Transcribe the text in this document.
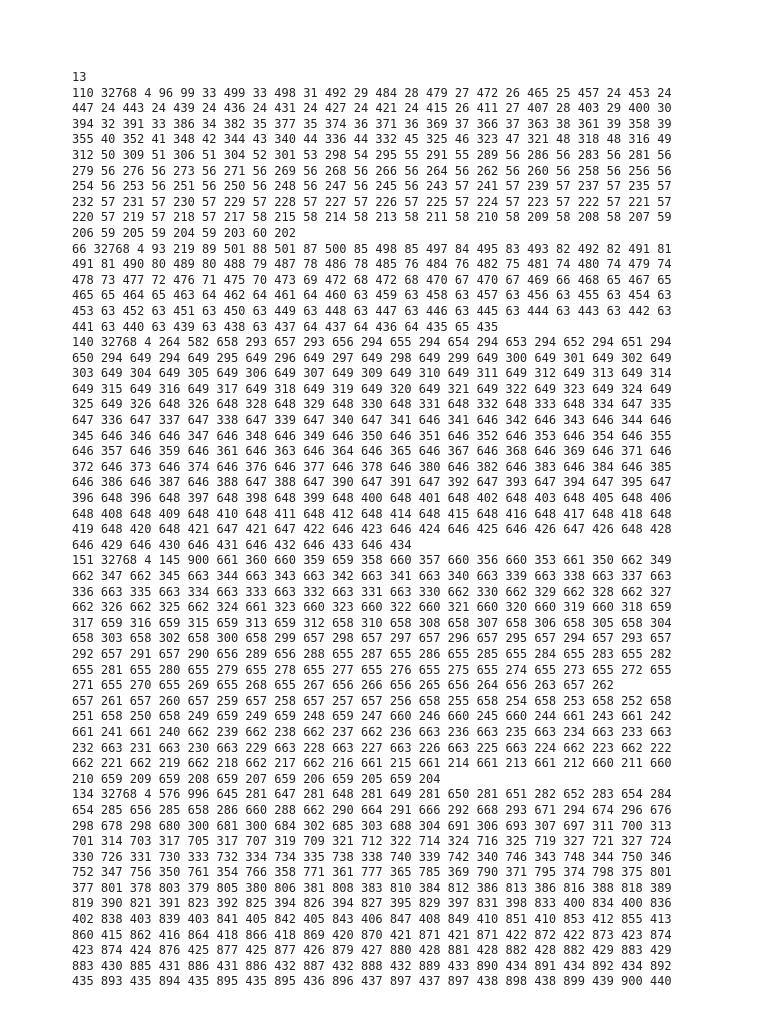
13
110 32768 4 96 99 33 499 33 498 31 492 29 484 28 479 27 472 26 465 25 457 24 453 24
447 24 443 24 439 24 436 24 431 24 427 24 421 24 415 26 411 27 407 28 403 29 400 30
394 32 391 33 386 34 382 35 377 35 374 36 371 36 369 37 366 37 363 38 361 39 358 39
355 40 352 41 348 42 344 43 340 44 336 44 332 45 325 46 323 47 321 48 318 48 316 49
312 50 309 51 306 51 304 52 301 53 298 54 295 55 291 55 289 56 286 56 283 56 281 56
279 56 276 56 273 56 271 56 269 56 268 56 266 56 264 56 262 56 260 56 258 56 256 56
254 56 253 56 251 56 250 56 248 56 247 56 245 56 243 57 241 57 239 57 237 57 235 57
232 57 231 57 230 57 229 57 228 57 227 57 226 57 225 57 224 57 223 57 222 57 221 57
220 57 219 57 218 57 217 58 215 58 214 58 213 58 211 58 210 58 209 58 208 58 207 59
206 59 205 59 204 59 203 60 202
66 32768 4 93 219 89 501 88 501 87 500 85 498 85 497 84 495 83 493 82 492 82 491 81
491 81 490 80 489 80 488 79 487 78 486 78 485 76 484 76 482 75 481 74 480 74 479 74
478 73 477 72 476 71 475 70 473 69 472 68 472 68 470 67 470 67 469 66 468 65 467 65
465 65 464 65 463 64 462 64 461 64 460 63 459 63 458 63 457 63 456 63 455 63 454 63
453 63 452 63 451 63 450 63 449 63 448 63 447 63 446 63 445 63 444 63 443 63 442 63
441 63 440 63 439 63 438 63 437 64 437 64 436 64 435 65 435
140 32768 4 264 582 658 293 657 293 656 294 655 294 654 294 653 294 652 294 651 294
650 294 649 294 649 295 649 296 649 297 649 298 649 299 649 300 649 301 649 302 649
303 649 304 649 305 649 306 649 307 649 309 649 310 649 311 649 312 649 313 649 314
649 315 649 316 649 317 649 318 649 319 649 320 649 321 649 322 649 323 649 324 649
325 649 326 648 326 648 328 648 329 648 330 648 331 648 332 648 333 648 334 647 335
647 336 647 337 647 338 647 339 647 340 647 341 646 341 646 342 646 343 646 344 646
345 646 346 646 347 646 348 646 349 646 350 646 351 646 352 646 353 646 354 646 355
646 357 646 359 646 361 646 363 646 364 646 365 646 367 646 368 646 369 646 371 646
372 646 373 646 374 646 376 646 377 646 378 646 380 646 382 646 383 646 384 646 385
646 386 646 387 646 388 647 388 647 390 647 391 647 392 647 393 647 394 647 395 647
396 648 396 648 397 648 398 648 399 648 400 648 401 648 402 648 403 648 405 648 406
648 408 648 409 648 410 648 411 648 412 648 414 648 415 648 416 648 417 648 418 648
419 648 420 648 421 647 421 647 422 646 423 646 424 646 425 646 426 647 426 648 428
646 429 646 430 646 431 646 432 646 433 646 434
151 32768 4 145 900 661 360 660 359 659 358 660 357 660 356 660 353 661 350 662 349
662 347 662 345 663 344 663 343 663 342 663 341 663 340 663 339 663 338 663 337 663
336 663 335 663 334 663 333 663 332 663 331 663 330 662 330 662 329 662 328 662 327
662 326 662 325 662 324 661 323 660 323 660 322 660 321 660 320 660 319 660 318 659
317 659 316 659 315 659 313 659 312 658 310 658 308 658 307 658 306 658 305 658 304
658 303 658 302 658 300 658 299 657 298 657 297 657 296 657 295 657 294 657 293 657
292 657 291 657 290 656 289 656 288 655 287 655 286 655 285 655 284 655 283 655 282
655 281 655 280 655 279 655 278 655 277 655 276 655 275 655 274 655 273 655 272 655
271 655 270 655 269 655 268 655 267 656 266 656 265 656 264 656 263 657 262
657 261 657 260 657 259 657 258 657 257 657 256 658 255 658 254 658 253 658 252 658
251 658 250 658 249 659 249 659 248 659 247 660 246 660 245 660 244 661 243 661 242
661 241 661 240 662 239 662 238 662 237 662 236 663 236 663 235 663 234 663 233 663
232 663 231 663 230 663 229 663 228 663 227 663 226 663 225 663 224 662 223 662 222
662 221 662 219 662 218 662 217 662 216 661 215 661 214 661 213 661 212 660 211 660
210 659 209 659 208 659 207 659 206 659 205 659 204
134 32768 4 576 996 645 281 647 281 648 281 649 281 650 281 651 282 652 283 654 284
654 285 656 285 658 286 660 288 662 290 664 291 666 292 668 293 671 294 674 296 676
298 678 298 680 300 681 300 684 302 685 303 688 304 691 306 693 307 697 311 700 313
701 314 703 317 705 317 707 319 709 321 712 322 714 324 716 325 719 327 721 327 724
330 726 331 730 333 732 334 734 335 738 338 740 339 742 340 746 343 748 344 750 346
752 347 756 350 761 354 766 358 771 361 777 365 785 369 790 371 795 374 798 375 801
377 801 378 803 379 805 380 806 381 808 383 810 384 812 386 813 386 816 388 818 389
819 390 821 391 823 392 825 394 826 394 827 395 829 397 831 398 833 400 834 400 836
402 838 403 839 403 841 405 842 405 843 406 847 408 849 410 851 410 853 412 855 413
860 415 862 416 864 418 866 418 869 420 870 421 871 421 871 422 872 422 873 423 874
423 874 424 876 425 877 425 877 426 879 427 880 428 881 428 882 428 882 429 883 429
883 430 885 431 886 431 886 432 887 432 888 432 889 433 890 434 891 434 892 434 892
435 893 435 894 435 895 435 895 436 896 437 897 437 897 438 898 438 899 439 900 440
